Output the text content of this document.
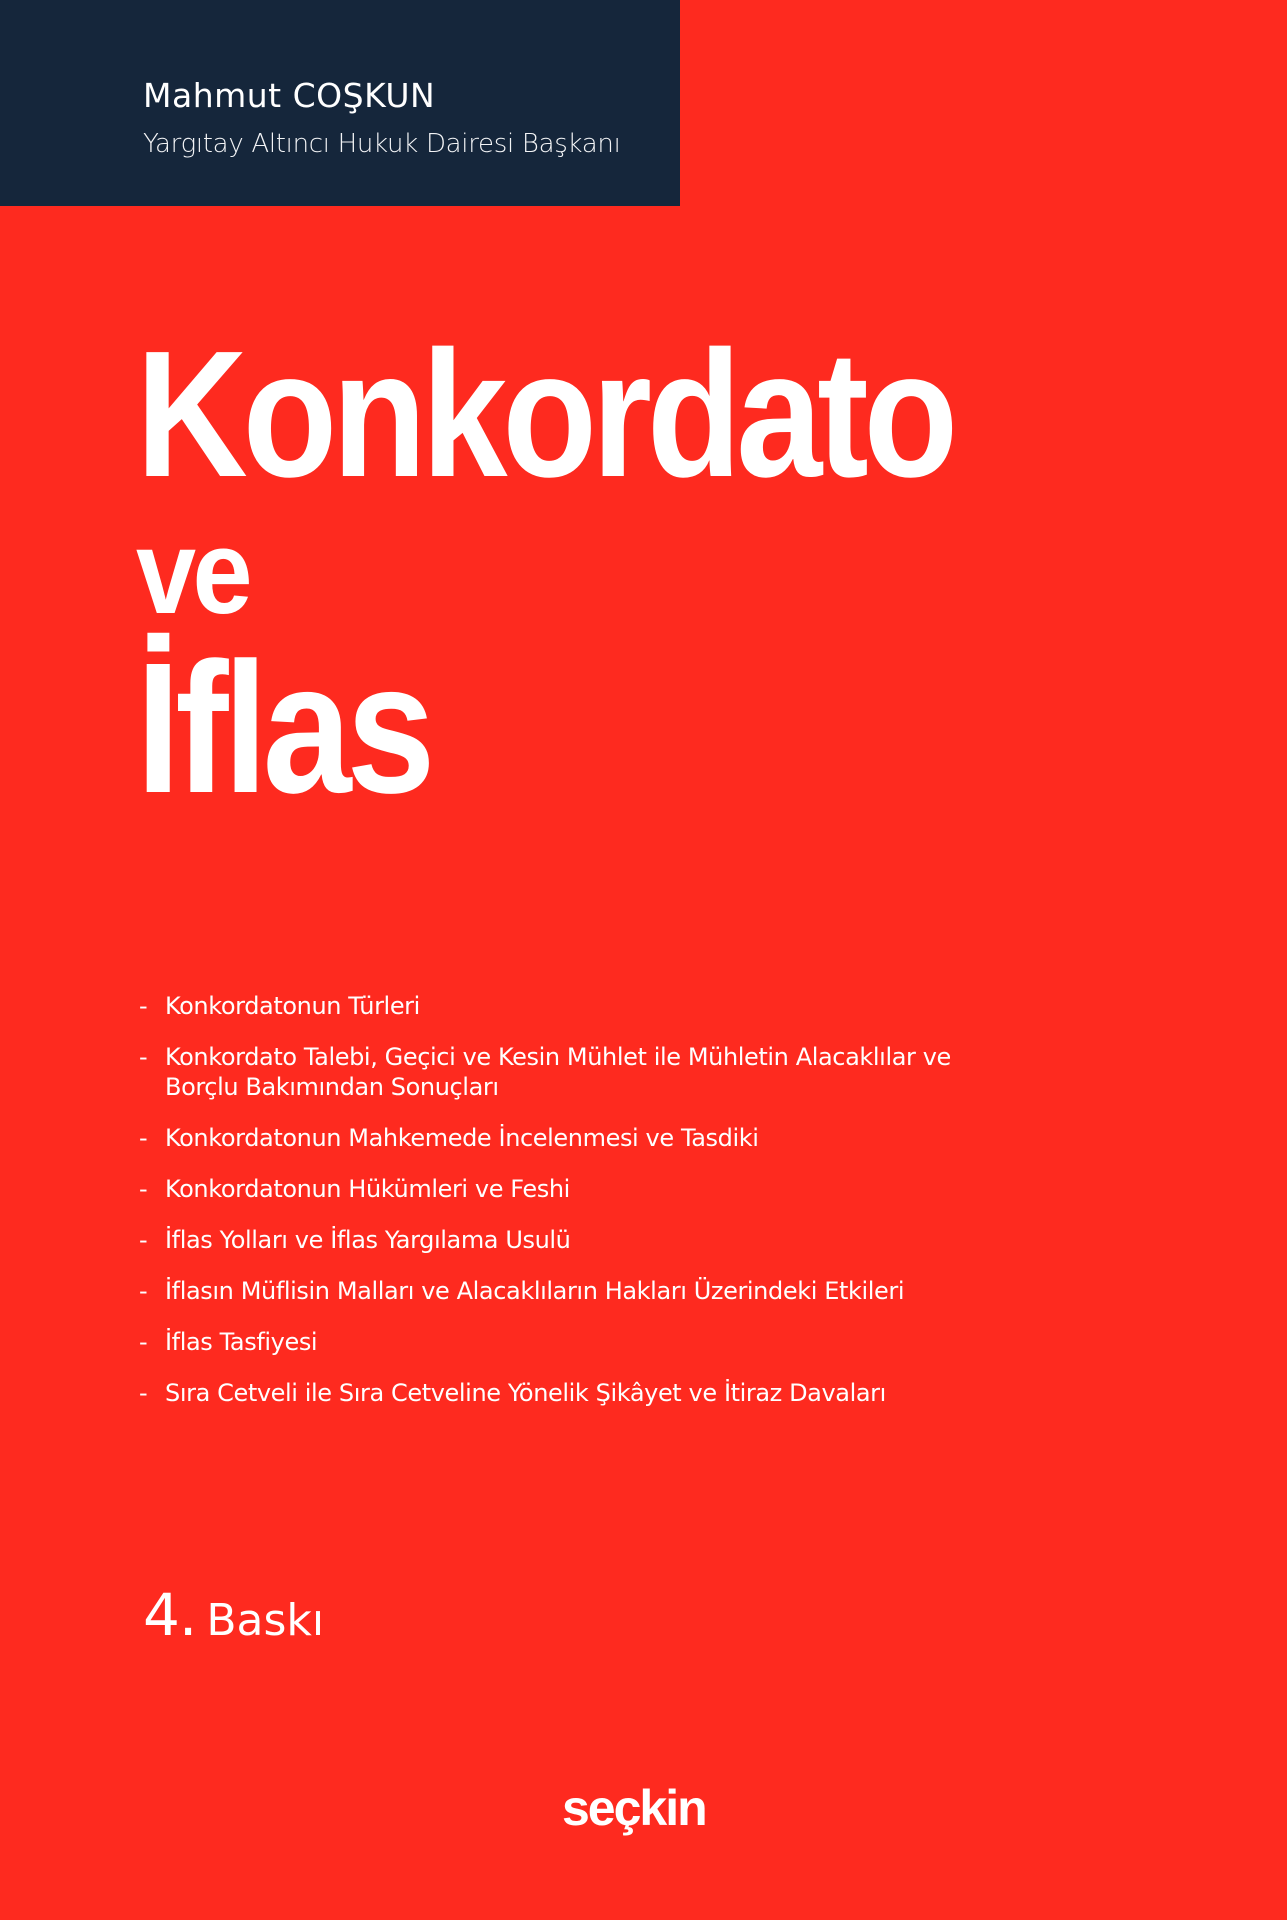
Mahmut COŞKUN
Yargıtay Altıncı Hukuk Dairesi Başkanı
Konkordato
ve
İflas
- Konkordatonun Türleri
- Konkordato Talebi, Geçici ve Kesin Mühlet ile Mühletin Alacaklılar ve Borçlu Bakımından Sonuçları
- Konkordatonun Mahkemede İncelenmesi ve Tasdiki
- Konkordatonun Hükümleri ve Feshi
- İflas Yolları ve İflas Yargılama Usulü
- İflasın Müflisin Malları ve Alacaklıların Hakları Üzerindeki Etkileri
- İflas Tasfiyesi
- Sıra Cetveli ile Sıra Cetveline Yönelik Şikâyet ve İtiraz Davaları
4. Baskı
seçkin
